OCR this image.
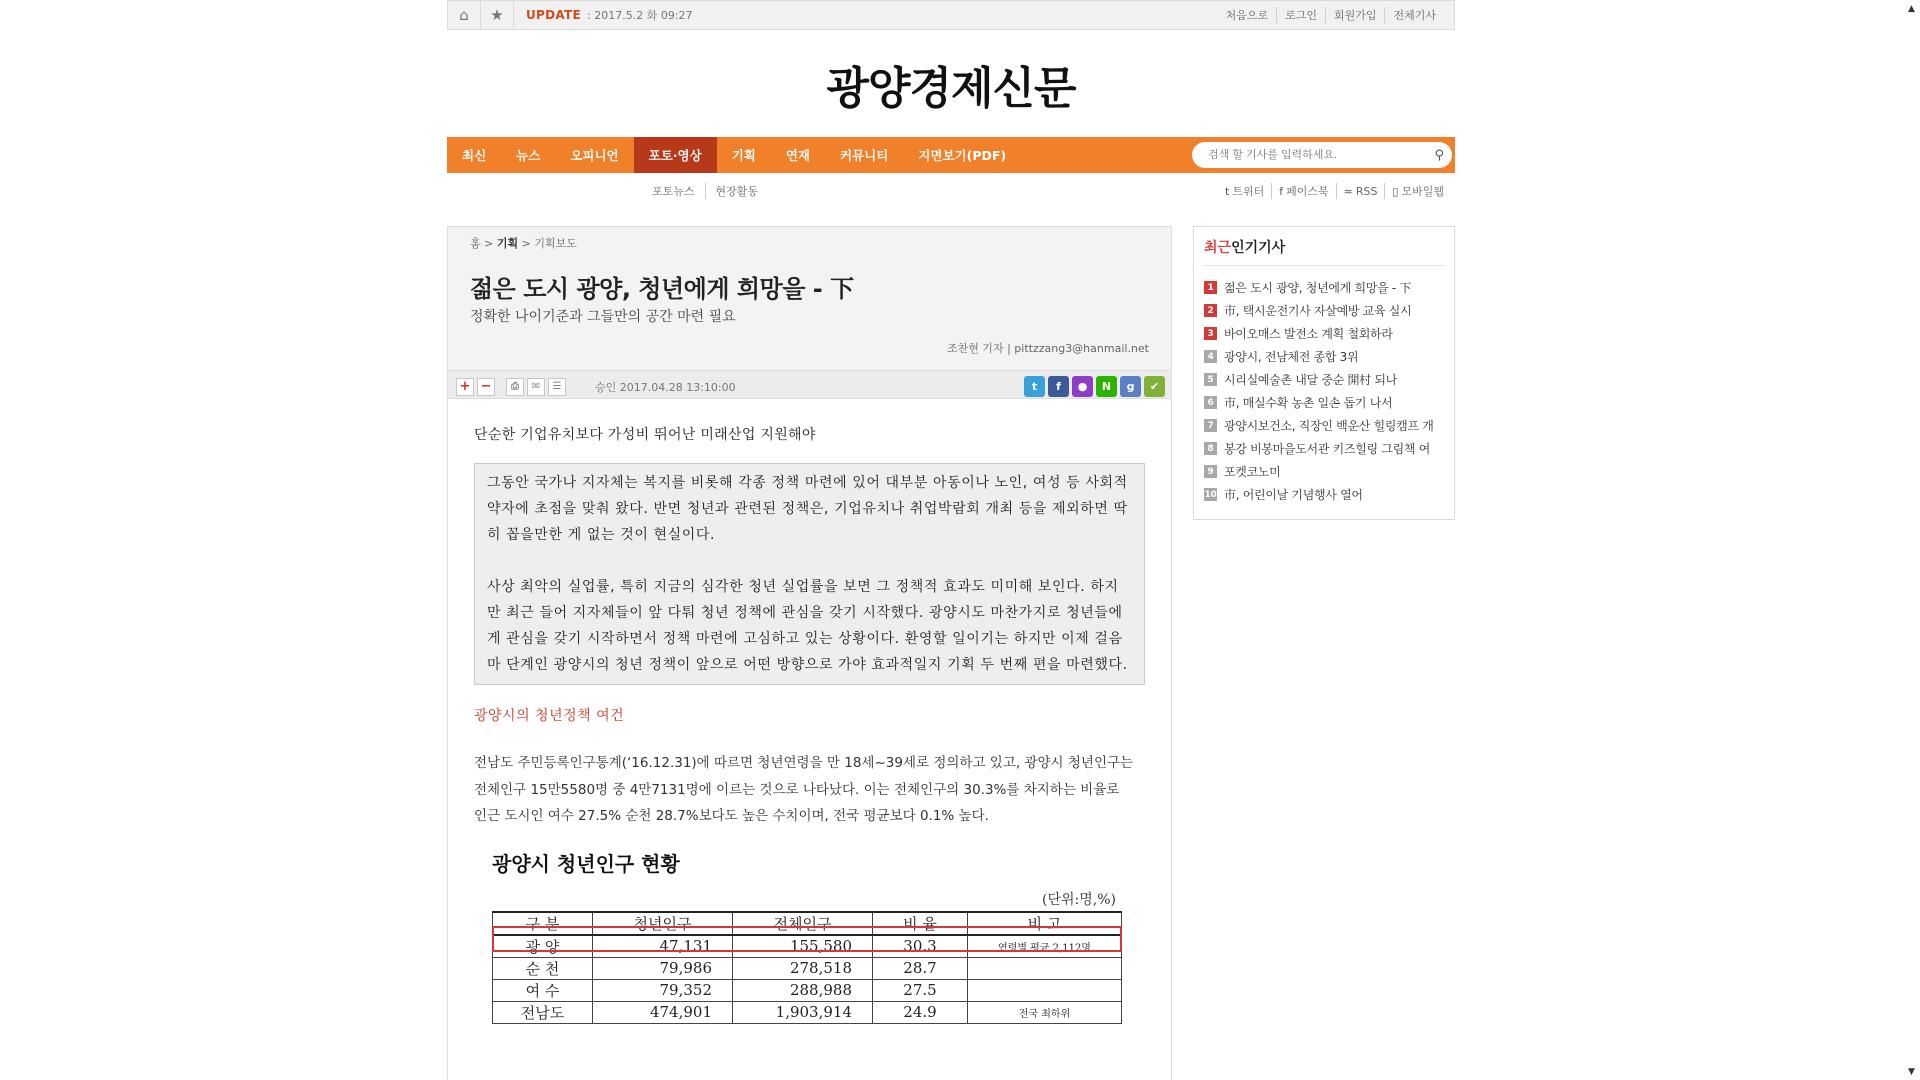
⌂	★	UPDATE : 2017.5.2 화 09:27	처음으로	로그인	회원가입	전체기사
광양경제신문
최신	뉴스	오피니언	포토·영상	기획	연재	커뮤니티	지면보기(PDF)
검색 할 기사를 입력하세요.	⚲
포토뉴스	현장활동	t 트위터 f 페이스북 ≈ RSS ▯ 모바일웹
홈 > 기획 > 기획보도
젊은 도시 광양, 청년에게 희망을 - 下
정확한 나이기준과 그들만의 공간 마련 필요
조찬현 기자 | pittzzang3@hanmail.net
+ −	⎙	✉	☰	승인 2017.04.28 13:10:00	t	f	●	N	g	✔
단순한 기업유치보다 가성비 뛰어난 미래산업 지원해야

그동안 국가나 지자체는 복지를 비롯해 각종 정책 마련에 있어 대부분 아동이나 노인, 여성 등 사회적 약자에 초점을 맞춰 왔다. 반면 청년과 관련된 정책은, 기업유치나 취업박람회 개최 등을 제외하면 딱히 꼽을만한 게 없는 것이 현실이다.

사상 최악의 실업률, 특히 지금의 심각한 청년 실업률을 보면 그 정책적 효과도 미미해 보인다. 하지만 최근 들어 지자체들이 앞 다퉈 청년 정책에 관심을 갖기 시작했다. 광양시도 마찬가지로 청년들에게 관심을 갖기 시작하면서 정책 마련에 고심하고 있는 상황이다. 환영할 일이기는 하지만 이제 걸음마 단계인 광양시의 청년 정책이 앞으로 어떤 방향으로 가야 효과적일지 기획 두 번째 편을 마련했다.

광양시의 청년정책 여건
전남도 주민등록인구통계(‘16.12.31)에 따르면 청년연령을 만 18세~39세로 정의하고 있고, 광양시 청년인구는 전체인구 15만5580명 중 4만7131명에 이르는 것으로 나타났다. 이는 전체인구의 30.3%를 차지하는 비율로 인근 도시인 여수 27.5% 순천 28.7%보다도 높은 수치이며, 전국 평균보다 0.1% 높다.
광양시 청년인구 현황
(단위:명,%)
구 분	청년인구	전체인구	비 율	비 고
광 양	47,131	155,580	30.3	연령별 평균 2,112명
순 천	79,986	278,518	28.7	
여 수	79,352	288,988	27.5	
전남도	474,901	1,903,914	24.9	전국 최하위
최근인기기사
1 젊은 도시 광양, 청년에게 희망을 - 下
2 市, 택시운전기사 자살예방 교육 실시
3 바이오매스 발전소 계획 철회하라
4 광양시, 전남체전 종합 3위
5 시리실예술촌 내달 중순 開村 되나
6 市, 매실수확 농촌 일손 돕기 나서
7 광양시보건소, 직장인 백운산 힐링캠프 개
8 봉강 비봉마을도서관 키즈힐링 그림책 여
9 포켓코노미
10 市, 어린이날 기념행사 열어
▲
▼
